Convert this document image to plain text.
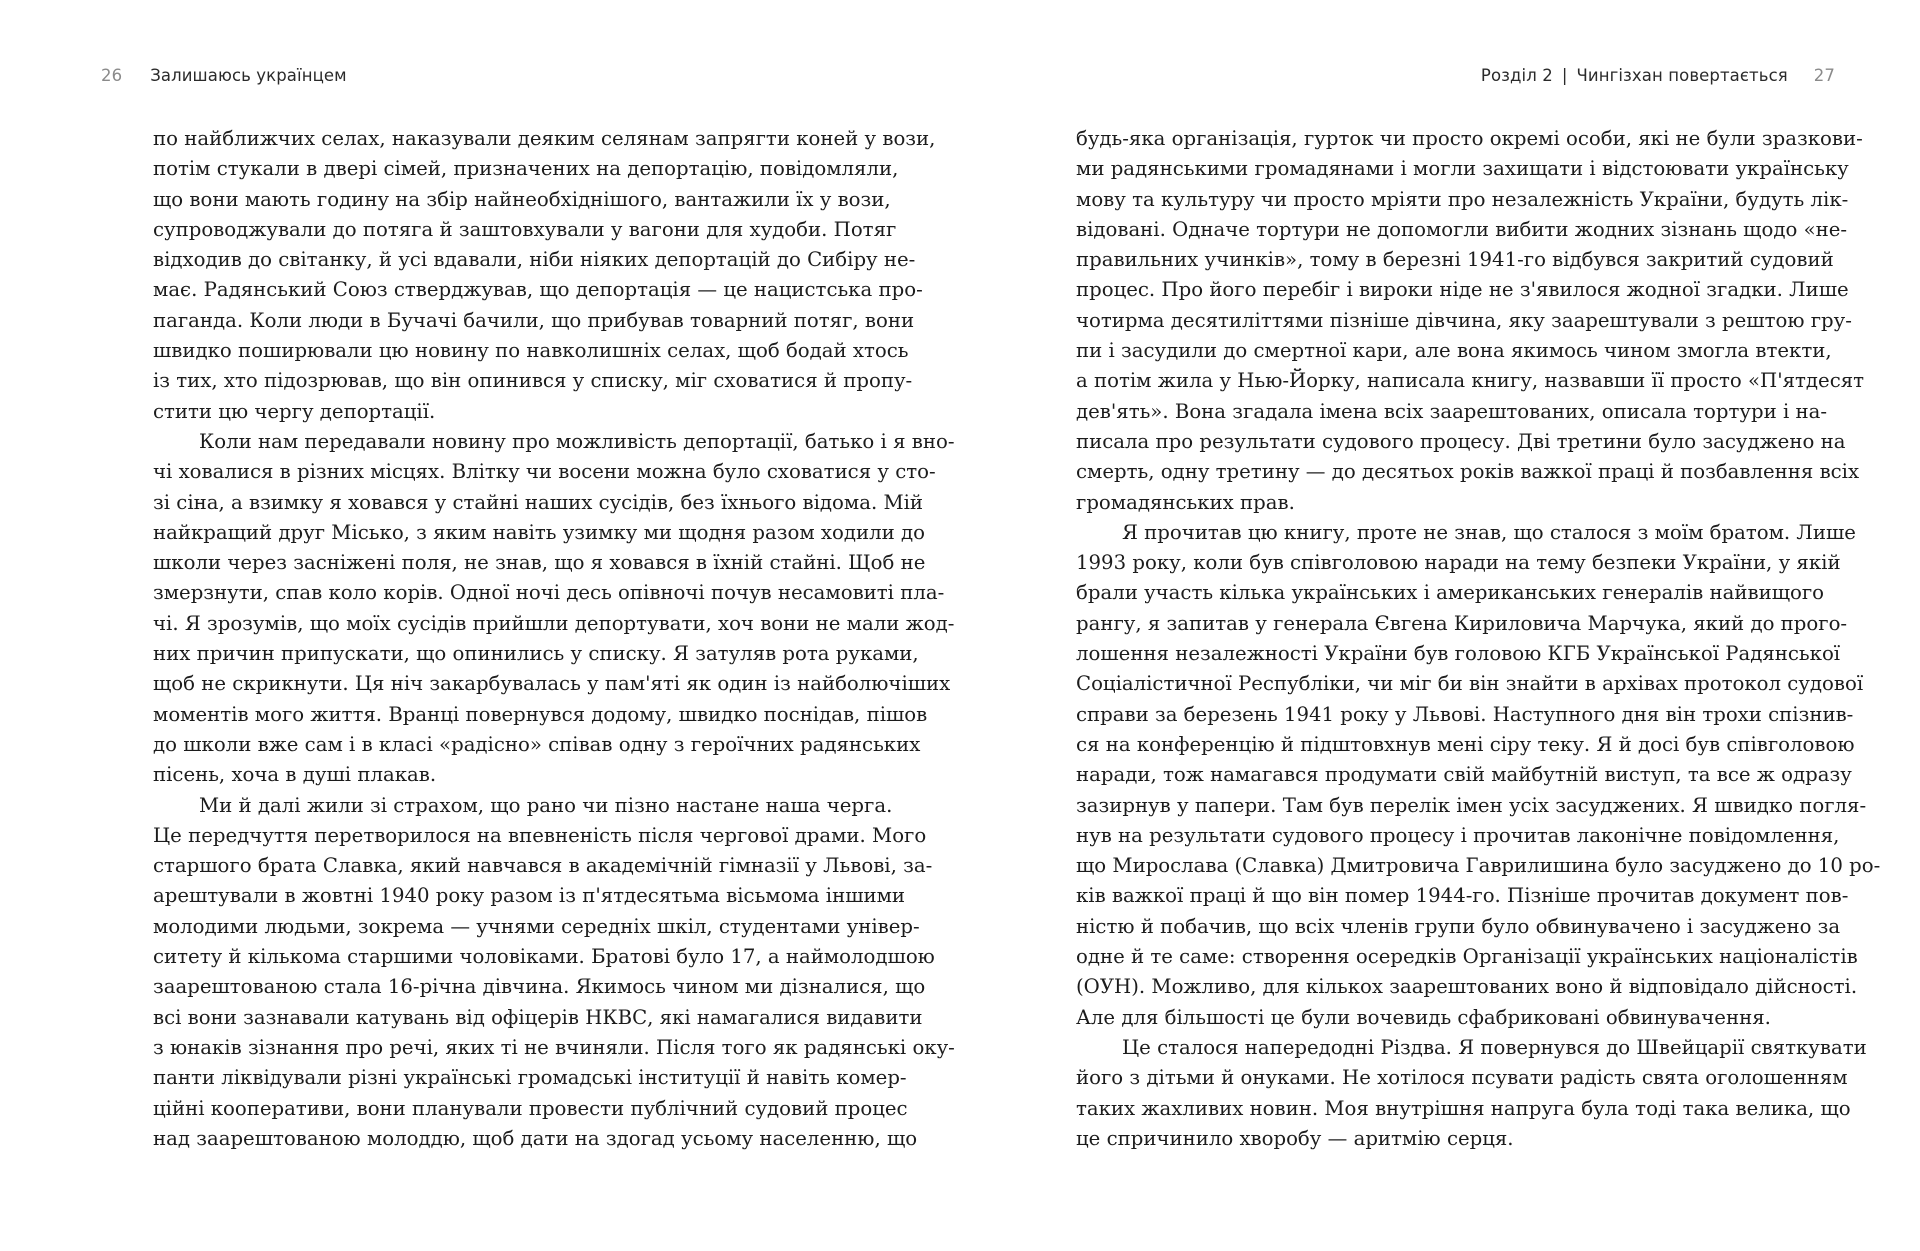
26 Залишаюсь українцем
по найближчих селах, наказували деяким селянам запрягти коней у вози,
потім стукали в двері сімей, призначених на депортацію, повідомляли,
що вони мають годину на збір найнеобхіднішого, вантажили їх у вози,
супроводжували до потяга й заштовхували у вагони для худоби. Потяг
відходив до світанку, й усі вдавали, ніби ніяких депортацій до Сибіру не-
має. Радянський Союз стверджував, що депортація — це нацистська про-
паганда. Коли люди в Бучачі бачили, що прибував товарний потяг, вони
швидко поширювали цю новину по навколишніх селах, щоб бодай хтось
із тих, хто підозрював, що він опинився у списку, міг сховатися й пропу-
стити цю чергу депортації.
Коли нам передавали новину про можливість депортації, батько і я вно-
чі ховалися в різних місцях. Влітку чи восени можна було сховатися у сто-
зі сіна, а взимку я ховався у стайні наших сусідів, без їхнього відома. Мій
найкращий друг Місько, з яким навіть узимку ми щодня разом ходили до
школи через засніжені поля, не знав, що я ховався в їхній стайні. Щоб не
змерзнути, спав коло корів. Одної ночі десь опівночі почув несамовиті пла-
чі. Я зрозумів, що моїх сусідів прийшли депортувати, хоч вони не мали жод-
них причин припускати, що опинились у списку. Я затуляв рота руками,
щоб не скрикнути. Ця ніч закарбувалась у пам'яті як один із найболючіших
моментів мого життя. Вранці повернувся додому, швидко поснідав, пішов
до школи вже сам і в класі «радісно» співав одну з героїчних радянських
пісень, хоча в душі плакав.
Ми й далі жили зі страхом, що рано чи пізно настане наша черга.
Це передчуття перетворилося на впевненість після чергової драми. Мого
старшого брата Славка, який навчався в академічній гімназії у Львові, за-
арештували в жовтні 1940 року разом із п'ятдесятьма вісьмома іншими
молодими людьми, зокрема — учнями середніх шкіл, студентами універ-
ситету й кількома старшими чоловіками. Братові було 17, а наймолодшою
заарештованою стала 16-річна дівчина. Якимось чином ми дізналися, що
всі вони зазнавали катувань від офіцерів НКВС, які намагалися видавити
з юнаків зізнання про речі, яких ті не вчиняли. Після того як радянські оку-
панти ліквідували різні українські громадські інституції й навіть комер-
ційні кооперативи, вони планували провести публічний судовий процес
над заарештованою молоддю, щоб дати на здогад усьому населенню, що
Розділ 2 | Чингізхан повертається 27
будь-яка організація, гурток чи просто окремі особи, які не були зразкови-
ми радянськими громадянами і могли захищати і відстоювати українську
мову та культуру чи просто мріяти про незалежність України, будуть лік-
відовані. Одначе тортури не допомогли вибити жодних зізнань щодо «не-
правильних учинків», тому в березні 1941-го відбувся закритий судовий
процес. Про його перебіг і вироки ніде не з'явилося жодної згадки. Лише
чотирма десятиліттями пізніше дівчина, яку заарештували з рештою гру-
пи і засудили до смертної кари, але вона якимось чином змогла втекти,
а потім жила у Нью-Йорку, написала книгу, назвавши її просто «П'ятдесят
дев'ять». Вона згадала імена всіх заарештованих, описала тортури і на-
писала про результати судового процесу. Дві третини було засуджено на
смерть, одну третину — до десятьох років важкої праці й позбавлення всіх
громадянських прав.
Я прочитав цю книгу, проте не знав, що сталося з моїм братом. Лише
1993 року, коли був співголовою наради на тему безпеки України, у якій
брали участь кілька українських і американських генералів найвищого
рангу, я запитав у генерала Євгена Кириловича Марчука, який до прого-
лошення незалежності України був головою КГБ Української Радянської
Соціалістичної Республіки, чи міг би він знайти в архівах протокол судової
справи за березень 1941 року у Львові. Наступного дня він трохи спізнив-
ся на конференцію й підштовхнув мені сіру теку. Я й досі був співголовою
наради, тож намагався продумати свій майбутній виступ, та все ж одразу
зазирнув у папери. Там був перелік імен усіх засуджених. Я швидко погля-
нув на результати судового процесу і прочитав лаконічне повідомлення,
що Мирослава (Славка) Дмитровича Гаврилишина було засуджено до 10 ро-
ків важкої праці й що він помер 1944-го. Пізніше прочитав документ пов-
ністю й побачив, що всіх членів групи було обвинувачено і засуджено за
одне й те саме: створення осередків Організації українських націоналістів
(ОУН). Можливо, для кількох заарештованих воно й відповідало дійсності.
Але для більшості це були вочевидь сфабриковані обвинувачення.
Це сталося напередодні Різдва. Я повернувся до Швейцарії святкувати
його з дітьми й онуками. Не хотілося псувати радість свята оголошенням
таких жахливих новин. Моя внутрішня напруга була тоді така велика, що
це спричинило хворобу — аритмію серця.
